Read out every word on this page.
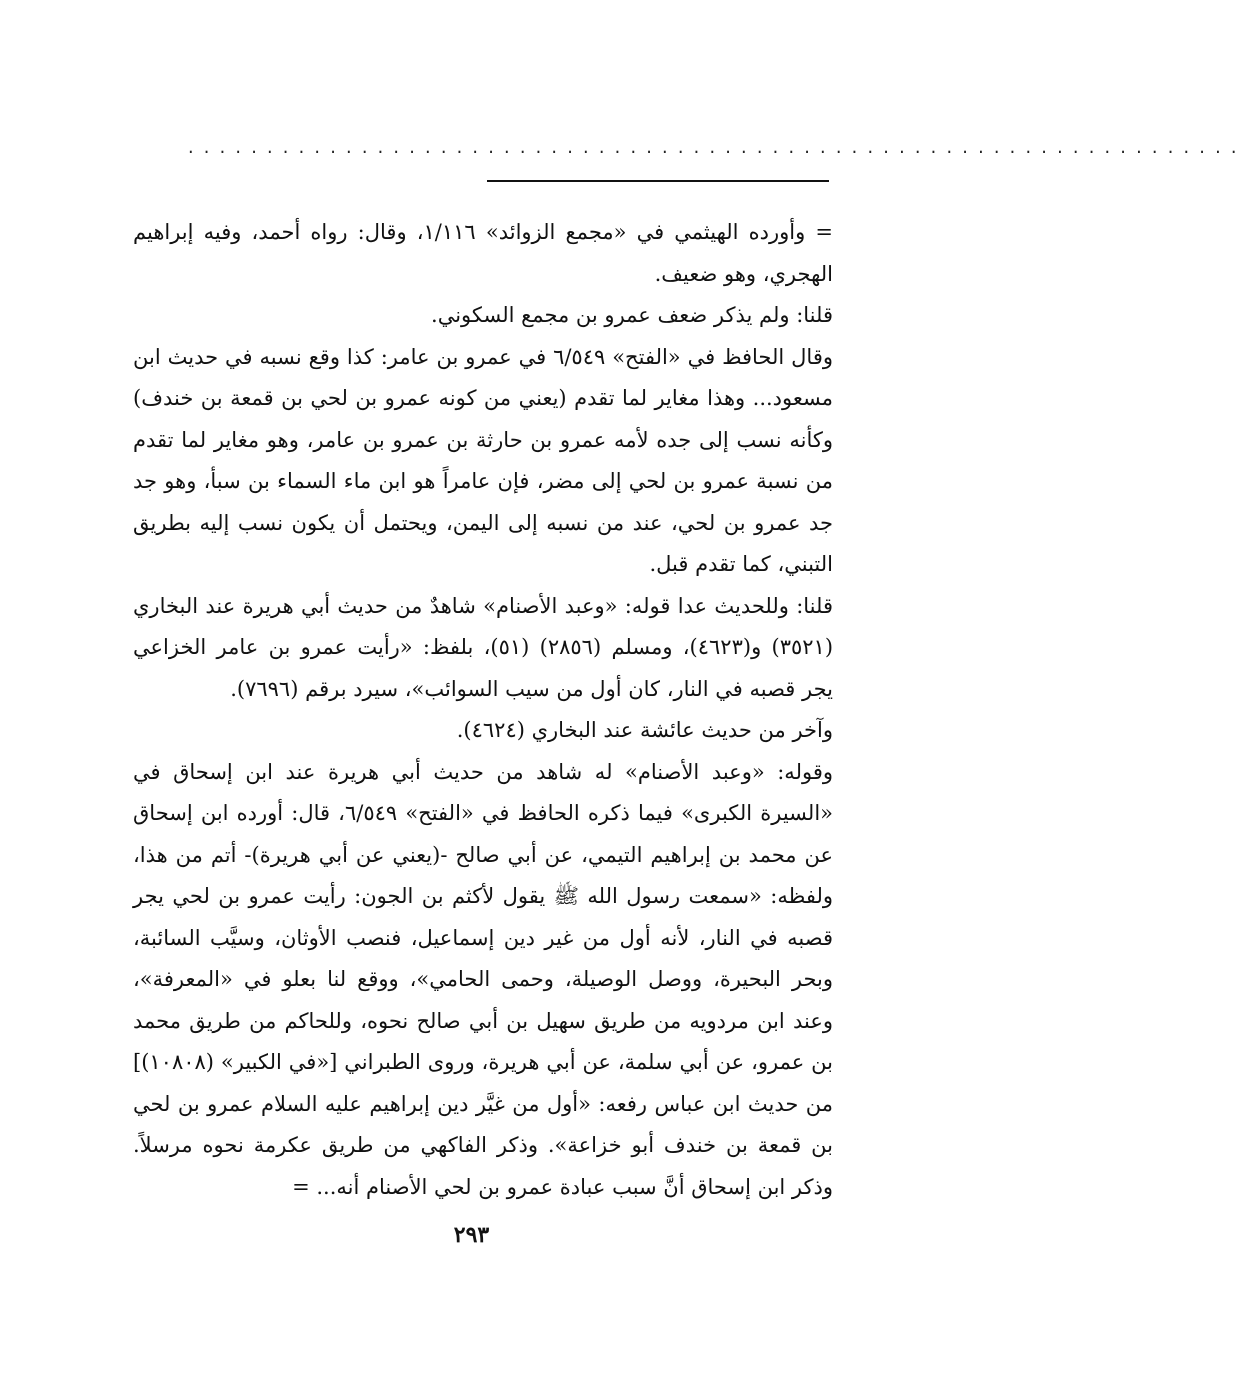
...................................................................

= وأورده الهيثمي في «مجمع الزوائد» ١/١١٦، وقال: رواه أحمد، وفيه إبراهيم الهجري، وهو ضعيف.

قلنا: ولم يذكر ضعف عمرو بن مجمع السكوني.

وقال الحافظ في «الفتح» ٦/٥٤٩ في عمرو بن عامر: كذا وقع نسبه في حديث ابن مسعود... وهذا مغاير لما تقدم (يعني من كونه عمرو بن لحي بن قمعة بن خندف) وكأنه نسب إلى جده لأمه عمرو بن حارثة بن عمرو بن عامر، وهو مغاير لما تقدم من نسبة عمرو بن لحي إلى مضر، فإن عامراً هو ابن ماء السماء بن سبأ، وهو جد جد عمرو بن لحي، عند من نسبه إلى اليمن، ويحتمل أن يكون نسب إليه بطريق التبني، كما تقدم قبل.

قلنا: وللحديث عدا قوله: «وعبد الأصنام» شاهدٌ من حديث أبي هريرة عند البخاري (٣٥٢١) و(٤٦٢٣)، ومسلم (٢٨٥٦) (٥١)، بلفظ: «رأيت عمرو بن عامر الخزاعي يجر قصبه في النار، كان أول من سيب السوائب»، سيرد برقم (٧٦٩٦).

وآخر من حديث عائشة عند البخاري (٤٦٢٤).

وقوله: «وعبد الأصنام» له شاهد من حديث أبي هريرة عند ابن إسحاق في «السيرة الكبرى» فيما ذكره الحافظ في «الفتح» ٦/٥٤٩، قال: أورده ابن إسحاق عن محمد بن إبراهيم التيمي، عن أبي صالح -(يعني عن أبي هريرة)- أتم من هذا، ولفظه: «سمعت رسول الله ﷺ يقول لأكثم بن الجون: رأيت عمرو بن لحي يجر قصبه في النار، لأنه أول من غير دين إسماعيل، فنصب الأوثان، وسيَّب السائبة، وبحر البحيرة، ووصل الوصيلة، وحمى الحامي»، ووقع لنا بعلو في «المعرفة»، وعند ابن مردويه من طريق سهيل بن أبي صالح نحوه، وللحاكم من طريق محمد بن عمرو، عن أبي سلمة، عن أبي هريرة، وروى الطبراني [«في الكبير» (١٠٨٠٨)] من حديث ابن عباس رفعه: «أول من غيَّر دين إبراهيم عليه السلام عمرو بن لحي بن قمعة بن خندف أبو خزاعة». وذكر الفاكهي من طريق عكرمة نحوه مرسلاً. وذكر ابن إسحاق أنَّ سبب عبادة عمرو بن لحي الأصنام أنه... =

٢٩٣
